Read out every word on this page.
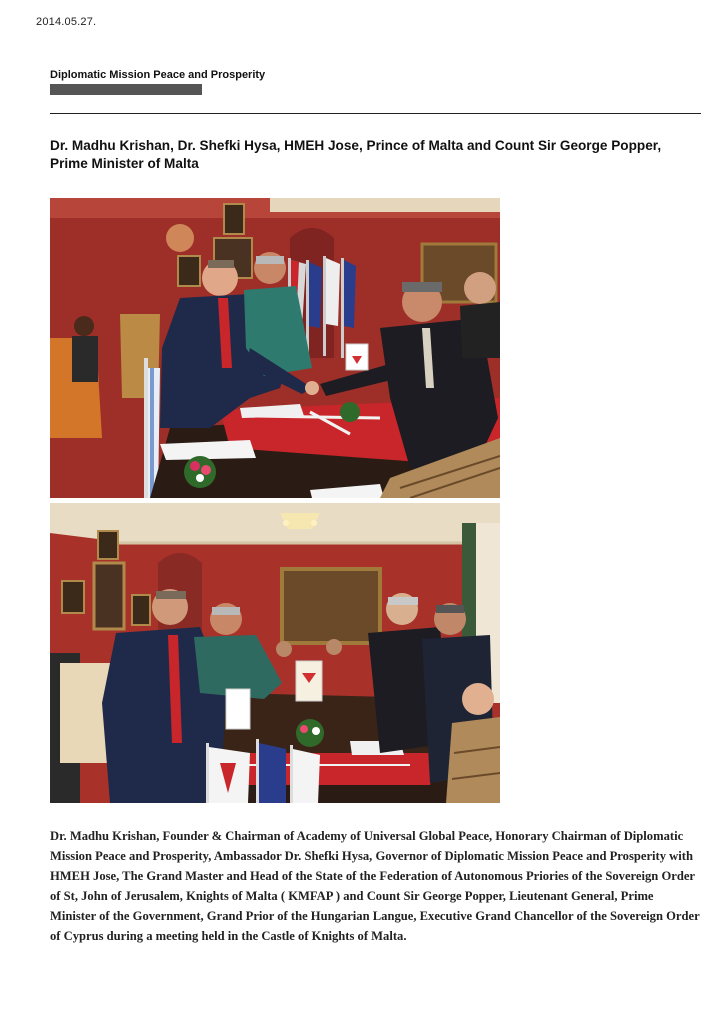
2014.05.27.
Diplomatic Mission Peace and Prosperity
Dr. Madhu Krishan, Dr. Shefki Hysa, HMEH Jose, Prince of Malta and Count Sir George Popper, Prime Minister of Malta
Dr. Madhu Krishan, Founder & Chairman of Academy of Universal Global Peace, Honorary Chairman of Diplomatic Mission Peace and Prosperity, Ambassador Dr. Shefki Hysa, Governor of Diplomatic Mission Peace and Prosperity with HMEH Jose, The Grand Master and Head of the State of the Federation of Autonomous Priories of the Sovereign Order of St, John of Jerusalem, Knights of Malta ( KMFAP ) and Count Sir George Popper, Lieutenant General, Prime Minister of the Government, Grand Prior of the Hungarian Langue, Executive Grand Chancellor of the Sovereign Order of Cyprus during a meeting held in the Castle of Knights of Malta.
